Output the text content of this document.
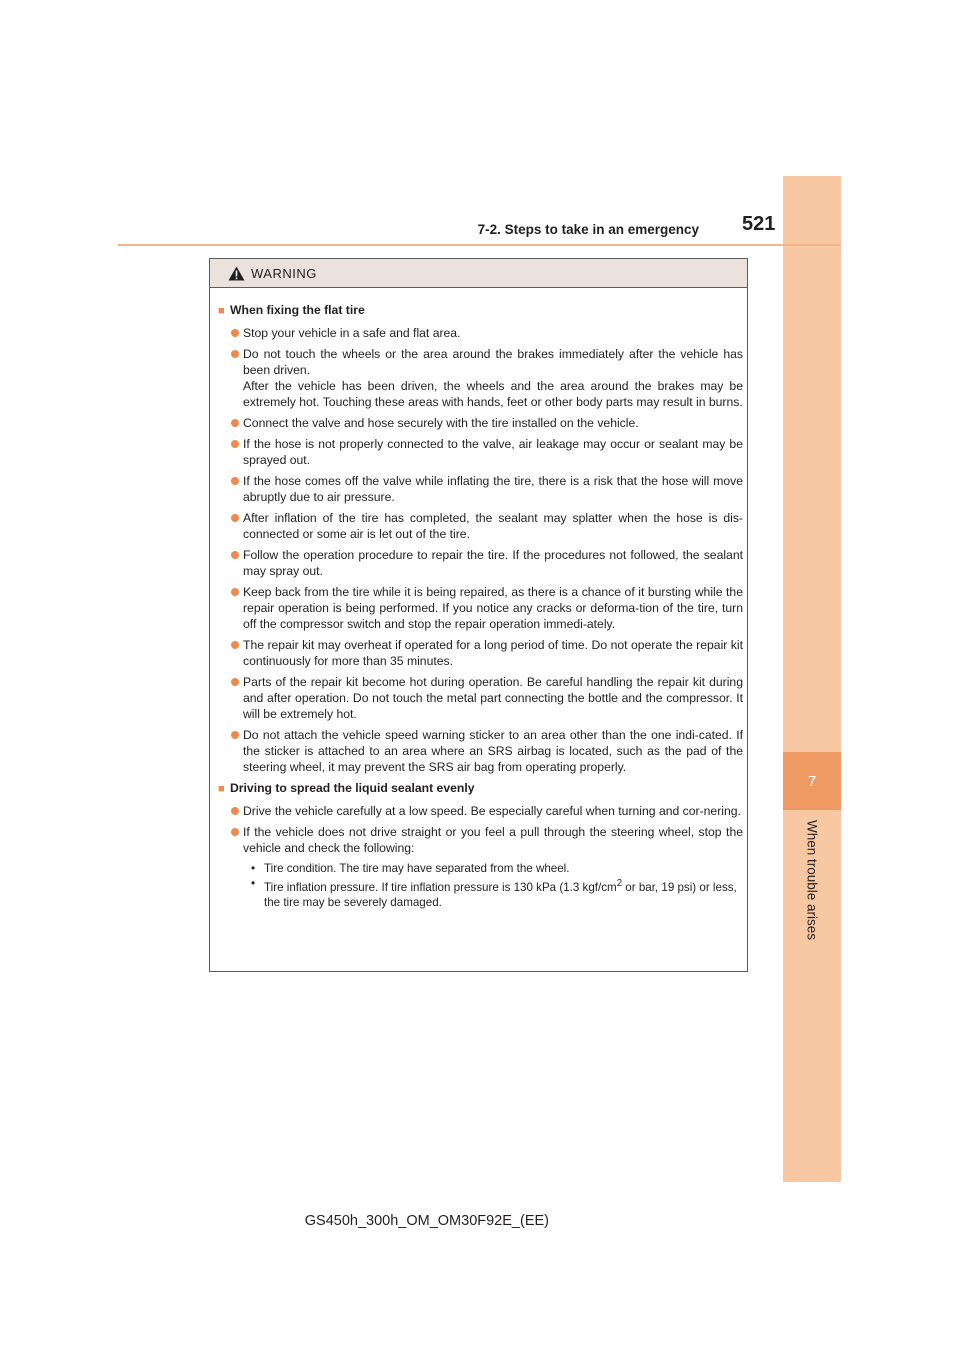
7
When trouble arises
7-2. Steps to take in an emergency 521
WARNING
■ When fixing the flat tire
Stop your vehicle in a safe and flat area.
Do not touch the wheels or the area around the brakes immediately after the vehicle has been driven.
After the vehicle has been driven, the wheels and the area around the brakes may be extremely hot. Touching these areas with hands, feet or other body parts may result in burns.
Connect the valve and hose securely with the tire installed on the vehicle.
If the hose is not properly connected to the valve, air leakage may occur or sealant may be sprayed out.
If the hose comes off the valve while inflating the tire, there is a risk that the hose will move abruptly due to air pressure.
After inflation of the tire has completed, the sealant may splatter when the hose is dis-connected or some air is let out of the tire.
Follow the operation procedure to repair the tire. If the procedures not followed, the sealant may spray out.
Keep back from the tire while it is being repaired, as there is a chance of it bursting while the repair operation is being performed. If you notice any cracks or deforma-tion of the tire, turn off the compressor switch and stop the repair operation immedi-ately.
The repair kit may overheat if operated for a long period of time. Do not operate the repair kit continuously for more than 35 minutes.
Parts of the repair kit become hot during operation. Be careful handling the repair kit during and after operation. Do not touch the metal part connecting the bottle and the compressor. It will be extremely hot.
Do not attach the vehicle speed warning sticker to an area other than the one indi-cated. If the sticker is attached to an area where an SRS airbag is located, such as the pad of the steering wheel, it may prevent the SRS air bag from operating properly.
■ Driving to spread the liquid sealant evenly
Drive the vehicle carefully at a low speed. Be especially careful when turning and cor-nering.
If the vehicle does not drive straight or you feel a pull through the steering wheel, stop the vehicle and check the following:
• Tire condition. The tire may have separated from the wheel.
• Tire inflation pressure. If tire inflation pressure is 130 kPa (1.3 kgf/$cm^2$ or bar, 19 psi) or less, the tire may be severely damaged.
GS450h_300h_OM_OM30F92E_(EE)
